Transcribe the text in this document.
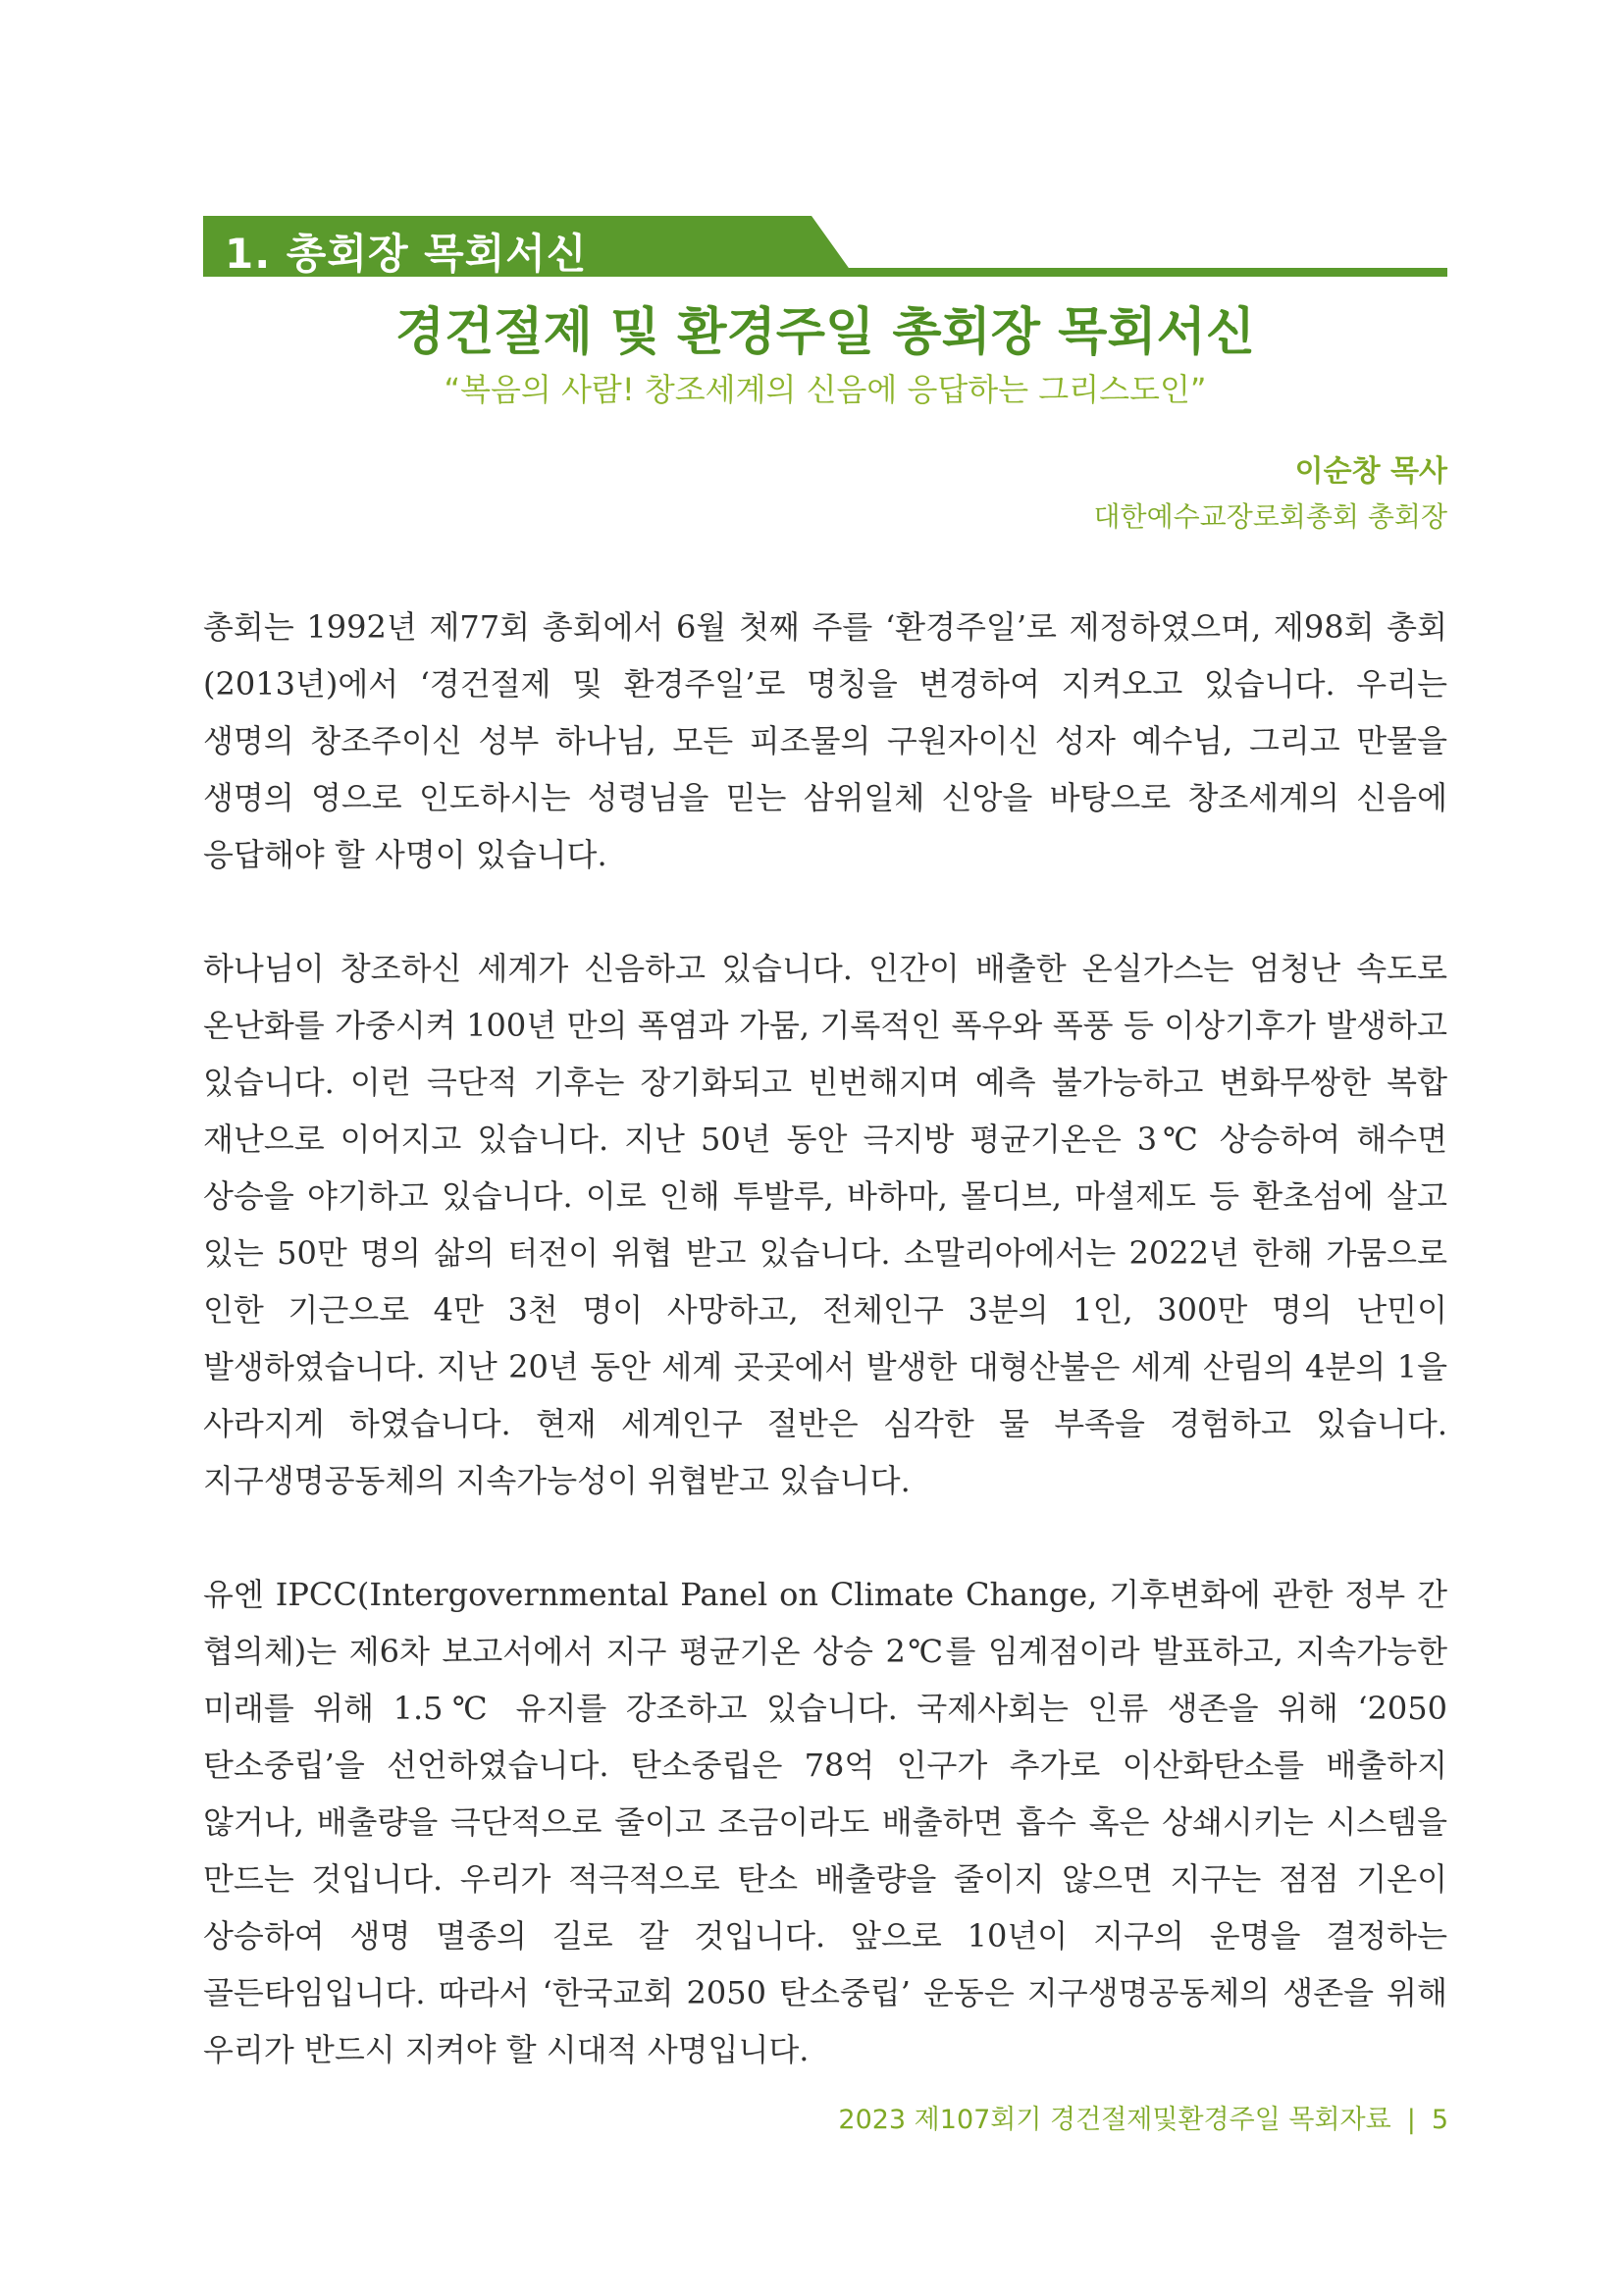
1. 총회장 목회서신
경건절제 및 환경주일 총회장 목회서신
“복음의 사람! 창조세계의 신음에 응답하는 그리스도인”
이순창 목사
대한예수교장로회총회 총회장

총회는 1992년 제77회 총회에서 6월 첫째 주를 ‘환경주일’로 제정하였으며, 제98회 총회(2013년)에서 ‘경건절제 및 환경주일’로 명칭을 변경하여 지켜오고 있습니다. 우리는 생명의 창조주이신 성부 하나님, 모든 피조물의 구원자이신 성자 예수님, 그리고 만물을 생명의 영으로 인도하시는 성령님을 믿는 삼위일체 신앙을 바탕으로 창조세계의 신음에 응답해야 할 사명이 있습니다.

하나님이 창조하신 세계가 신음하고 있습니다. 인간이 배출한 온실가스는 엄청난 속도로 온난화를 가중시켜 100년 만의 폭염과 가뭄, 기록적인 폭우와 폭풍 등 이상기후가 발생하고 있습니다. 이런 극단적 기후는 장기화되고 빈번해지며 예측 불가능하고 변화무쌍한 복합 재난으로 이어지고 있습니다. 지난 50년 동안 극지방 평균기온은 3℃ 상승하여 해수면 상승을 야기하고 있습니다. 이로 인해 투발루, 바하마, 몰디브, 마셜제도 등 환초섬에 살고 있는 50만 명의 삶의 터전이 위협 받고 있습니다. 소말리아에서는 2022년 한해 가뭄으로 인한 기근으로 4만 3천 명이 사망하고, 전체인구 3분의 1인, 300만 명의 난민이 발생하였습니다. 지난 20년 동안 세계 곳곳에서 발생한 대형산불은 세계 산림의 4분의 1을 사라지게 하였습니다. 현재 세계인구 절반은 심각한 물 부족을 경험하고 있습니다. 지구생명공동체의 지속가능성이 위협받고 있습니다.

유엔 IPCC(Intergovernmental Panel on Climate Change, 기후변화에 관한 정부 간 협의체)는 제6차 보고서에서 지구 평균기온 상승 2℃를 임계점이라 발표하고, 지속가능한 미래를 위해 1.5℃ 유지를 강조하고 있습니다. 국제사회는 인류 생존을 위해 ‘2050 탄소중립’을 선언하였습니다. 탄소중립은 78억 인구가 추가로 이산화탄소를 배출하지 않거나, 배출량을 극단적으로 줄이고 조금이라도 배출하면 흡수 혹은 상쇄시키는 시스템을 만드는 것입니다. 우리가 적극적으로 탄소 배출량을 줄이지 않으면 지구는 점점 기온이 상승하여 생명 멸종의 길로 갈 것입니다. 앞으로 10년이 지구의 운명을 결정하는 골든타임입니다. 따라서 ‘한국교회 2050 탄소중립’ 운동은 지구생명공동체의 생존을 위해 우리가 반드시 지켜야 할 시대적 사명입니다.

2023 제107회기 경건절제및환경주일 목회자료 | 5
